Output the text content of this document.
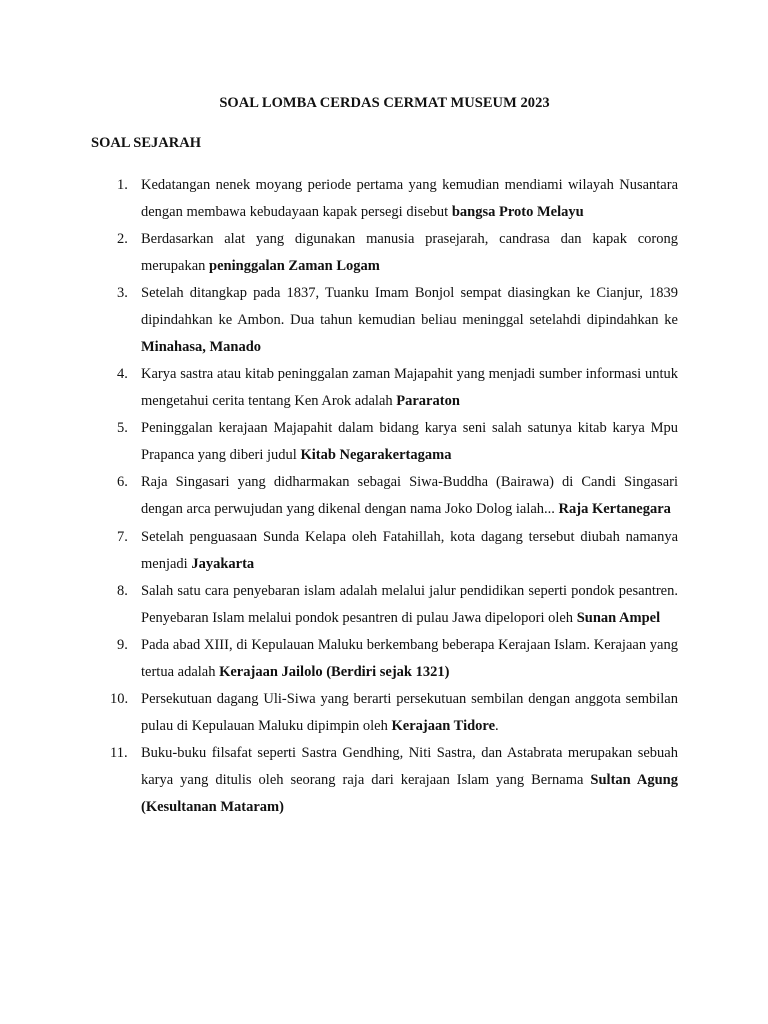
SOAL LOMBA CERDAS CERMAT MUSEUM 2023
SOAL SEJARAH
1. Kedatangan nenek moyang periode pertama yang kemudian mendiami wilayah Nusantara dengan membawa kebudayaan kapak persegi disebut bangsa Proto Melayu
2. Berdasarkan alat yang digunakan manusia prasejarah, candrasa dan kapak corong merupakan peninggalan Zaman Logam
3. Setelah ditangkap pada 1837, Tuanku Imam Bonjol sempat diasingkan ke Cianjur, 1839 dipindahkan ke Ambon. Dua tahun kemudian beliau meninggal setelahdi dipindahkan ke Minahasa, Manado
4. Karya sastra atau kitab peninggalan zaman Majapahit yang menjadi sumber informasi untuk mengetahui cerita tentang Ken Arok adalah Pararaton
5. Peninggalan kerajaan Majapahit dalam bidang karya seni salah satunya kitab karya Mpu Prapanca yang diberi judul Kitab Negarakertagama
6. Raja Singasari yang didharmakan sebagai Siwa-Buddha (Bairawa) di Candi Singasari dengan arca perwujudan yang dikenal dengan nama Joko Dolog ialah... Raja Kertanegara
7. Setelah penguasaan Sunda Kelapa oleh Fatahillah, kota dagang tersebut diubah namanya menjadi Jayakarta
8. Salah satu cara penyebaran islam adalah melalui jalur pendidikan seperti pondok pesantren. Penyebaran Islam melalui pondok pesantren di pulau Jawa dipelopori oleh Sunan Ampel
9. Pada abad XIII, di Kepulauan Maluku berkembang beberapa Kerajaan Islam. Kerajaan yang tertua adalah Kerajaan Jailolo (Berdiri sejak 1321)
10. Persekutuan dagang Uli-Siwa yang berarti persekutuan sembilan dengan anggota sembilan pulau di Kepulauan Maluku dipimpin oleh Kerajaan Tidore.
11. Buku-buku filsafat seperti Sastra Gendhing, Niti Sastra, dan Astabrata merupakan sebuah karya yang ditulis oleh seorang raja dari kerajaan Islam yang Bernama Sultan Agung (Kesultanan Mataram)
